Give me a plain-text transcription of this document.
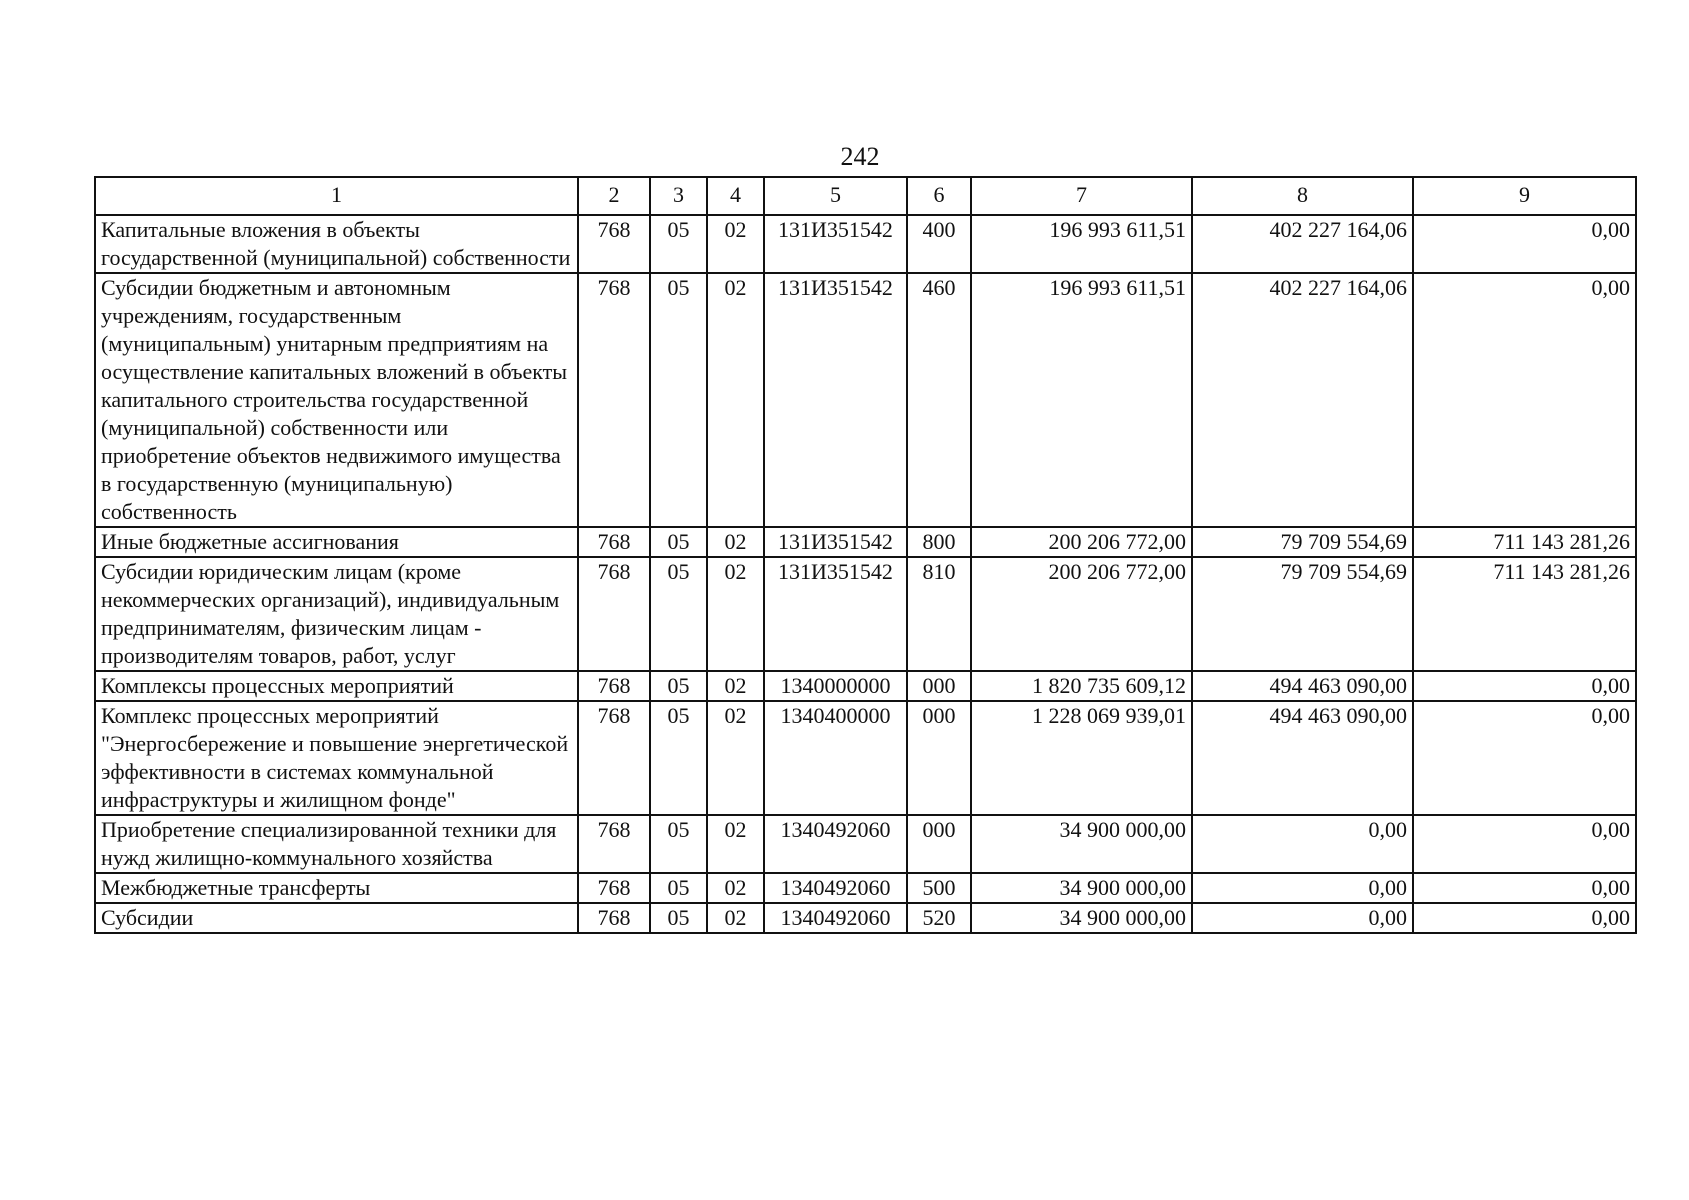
242
1	2	3	4	5	6	7	8	9
Капитальные вложения в объекты государственной (муниципальной) собственности	768	05	02	131И351542	400	196 993 611,51	402 227 164,06	0,00
Субсидии бюджетным и автономным учреждениям, государственным (муниципальным) унитарным предприятиям на осуществление капитальных вложений в объекты капитального строительства государственной (муниципальной) собственности или приобретение объектов недвижимого имущества в государственную (муниципальную) собственность	768	05	02	131И351542	460	196 993 611,51	402 227 164,06	0,00
Иные бюджетные ассигнования	768	05	02	131И351542	800	200 206 772,00	79 709 554,69	711 143 281,26
Субсидии юридическим лицам (кроме некоммерческих организаций), индивидуальным предпринимателям, физическим лицам - производителям товаров, работ, услуг	768	05	02	131И351542	810	200 206 772,00	79 709 554,69	711 143 281,26
Комплексы процессных мероприятий	768	05	02	1340000000	000	1 820 735 609,12	494 463 090,00	0,00
Комплекс процессных мероприятий "Энергосбережение и повышение энергетической эффективности в системах коммунальной инфраструктуры и жилищном фонде"	768	05	02	1340400000	000	1 228 069 939,01	494 463 090,00	0,00
Приобретение специализированной техники для нужд жилищно-коммунального хозяйства	768	05	02	1340492060	000	34 900 000,00	0,00	0,00
Межбюджетные трансферты	768	05	02	1340492060	500	34 900 000,00	0,00	0,00
Субсидии	768	05	02	1340492060	520	34 900 000,00	0,00	0,00
